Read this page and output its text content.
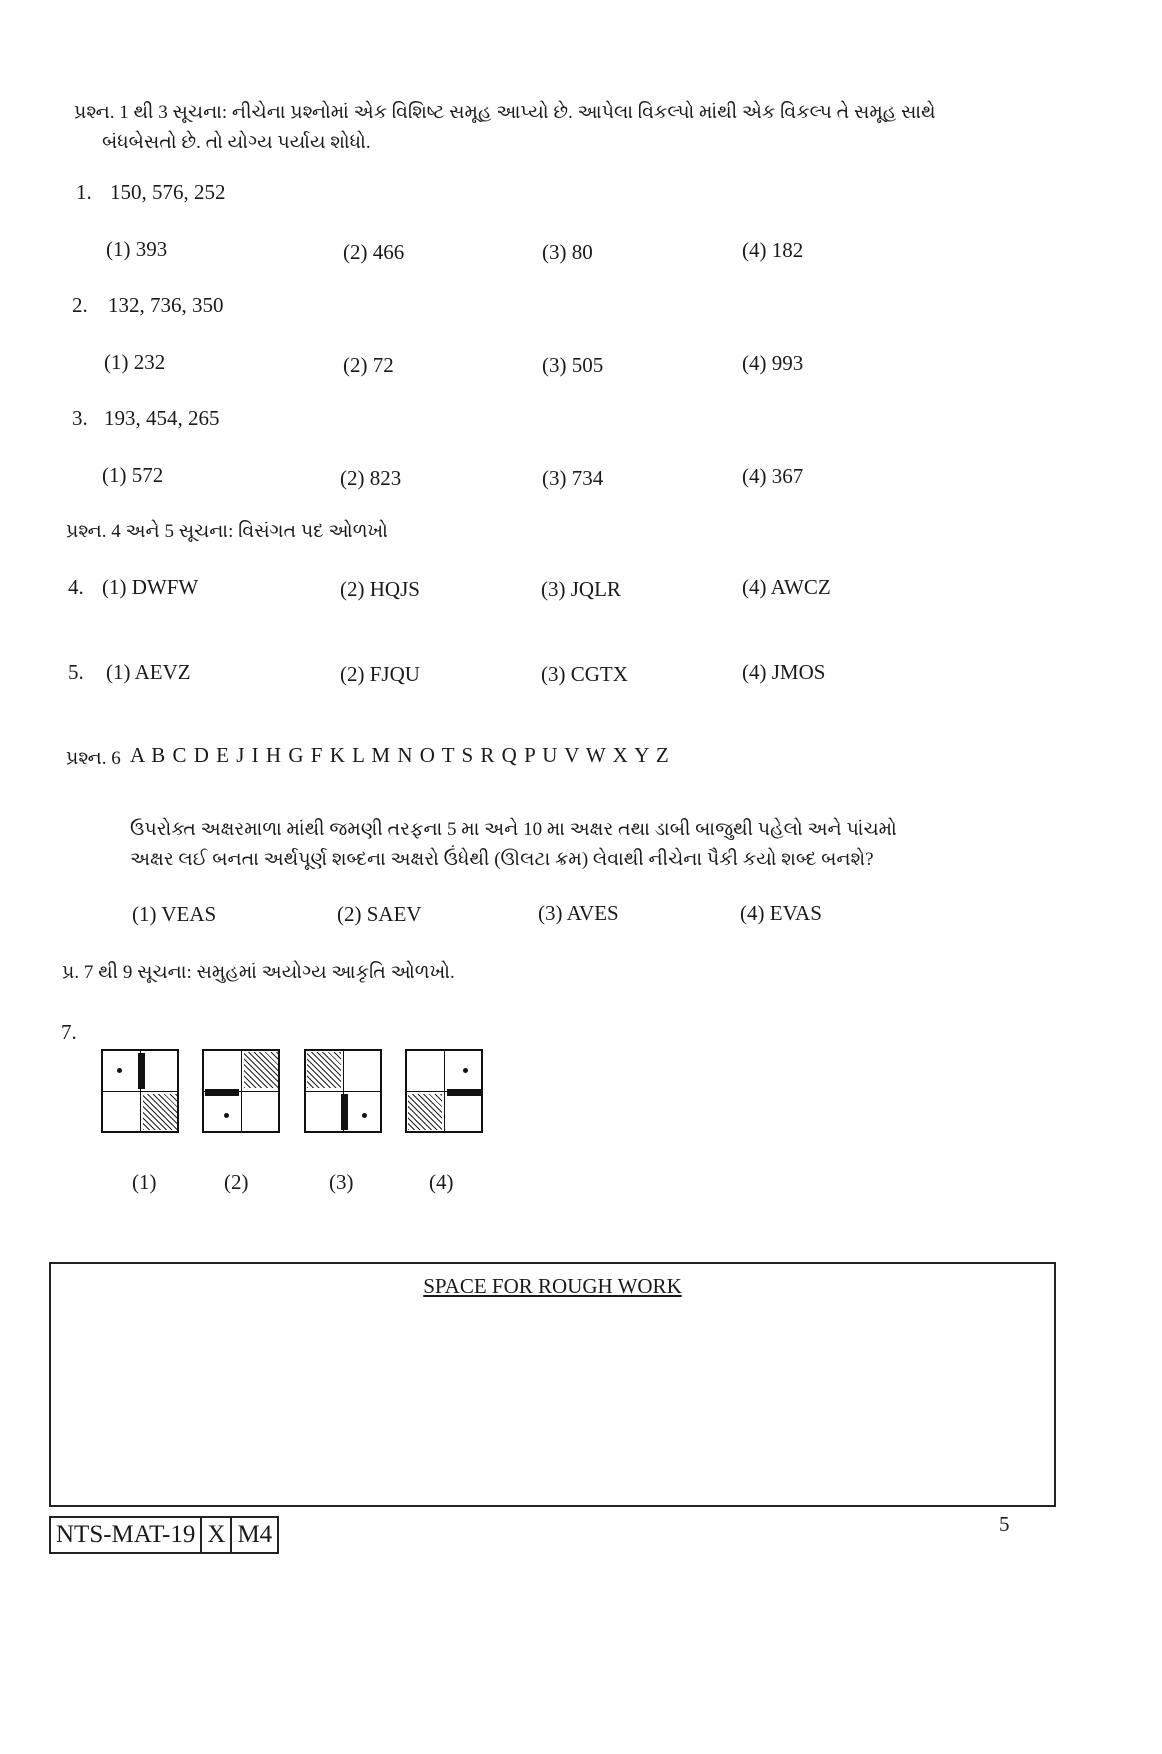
પ્રશ્ન. 1 થી 3 સૂચના: નીચેના પ્રશ્નોમાં એક વિશિષ્ટ સમૂહ આપ્યો છે. આપેલા વિકલ્પો માંથી એક વિકલ્પ તે સમૂહ સાથે
બંધબેસતો છે. તો યોગ્ય પર્યાય શોધો.
1. 150, 576, 252
(1) 393	(2) 466	(3) 80	(4) 182
2. 132, 736, 350
(1) 232	(2) 72	(3) 505	(4) 993
3. 193, 454, 265
(1) 572	(2) 823	(3) 734	(4) 367
પ્રશ્ન. 4 અને 5 સૂચના: વિસંગત પદ ઓળખો
4. (1) DWFW	(2) HQJS	(3) JQLR	(4) AWCZ
5. (1) AEVZ	(2) FJQU	(3) CGTX	(4) JMOS
પ્રશ્ન. 6 A B C D E J I H G F K L M N O T S R Q P U V W X Y Z
ઉપરોક્ત અક્ષરમાળા માંથી જમણી તરફના 5 મા અને 10 મા અક્ષર તથા ડાબી બાજુથી પહેલો અને પાંચમો
અક્ષર લઈ બનતા અર્થપૂર્ણ શબ્દના અક્ષરો ઉંધેથી (ઊલટા ક્રમ) લેવાથી નીચેના પૈકી કયો શબ્દ બનશે?
(1) VEAS	(2) SAEV	(3) AVES	(4) EVAS
પ્ર. 7 થી 9 સૂચના: સમુહમાં અયોગ્ય આકૃતિ ઓળખો.
7.
(1)	(2)	(3)	(4)
SPACE FOR ROUGH WORK
NTS-MAT-19 X M4	5
